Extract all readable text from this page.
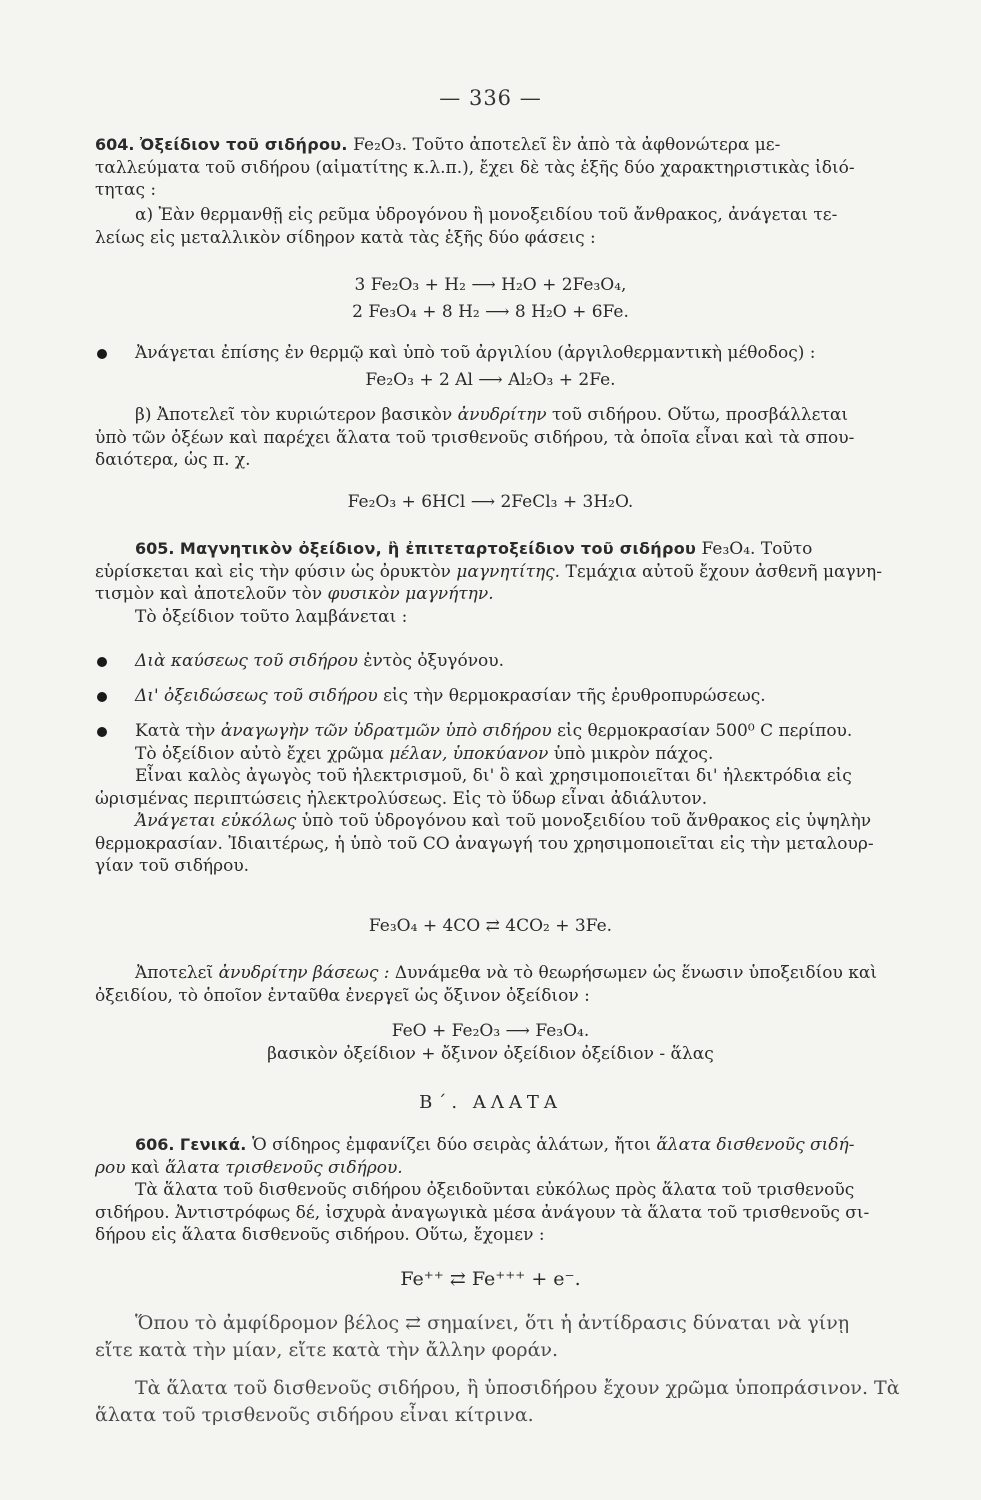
— 336 —

604. Ὀξείδιον τοῦ σιδήρου. Fe₂O₃. Τοῦτο ἀποτελεῖ ἓν ἀπὸ τὰ ἀφθονώτερα με-

ταλλεύματα τοῦ σιδήρου (αἱματίτης κ.λ.π.), ἔχει δὲ τὰς ἑξῆς δύο χαρακτηριστικὰς ἰδιό-

τητας :

α) Ἐὰν θερμανθῇ εἰς ρεῦμα ὑδρογόνου ἢ μονοξειδίου τοῦ ἄνθρακος, ἀνάγεται τε-

λείως εἰς μεταλλικὸν σίδηρον κατὰ τὰς ἑξῆς δύο φάσεις :

3 Fe₂O₃ + H₂ ⟶ H₂O + 2Fe₃O₄,
2 Fe₃O₄ + 8 H₂ ⟶ 8 H₂O + 6Fe.

Ἀνάγεται ἐπίσης ἐν θερμῷ καὶ ὑπὸ τοῦ ἀργιλίου (ἀργιλοθερμαντικὴ μέθοδος) :

Fe₂O₃ + 2 Al ⟶ Al₂O₃ + 2Fe.

β) Ἀποτελεῖ τὸν κυριώτερον βασικὸν ἀνυδρίτην τοῦ σιδήρου. Οὕτω, προσβάλλεται

ὑπὸ τῶν ὀξέων καὶ παρέχει ἅλατα τοῦ τρισθενοῦς σιδήρου, τὰ ὁποῖα εἶναι καὶ τὰ σπου-

δαιότερα, ὡς π. χ.

Fe₂O₃ + 6HCl ⟶ 2FeCl₃ + 3H₂O.

605. Μαγνητικὸν ὀξείδιον, ἢ ἐπιτεταρτοξείδιον τοῦ σιδήρου Fe₃O₄. Τοῦτο

εὑρίσκεται καὶ εἰς τὴν φύσιν ὡς ὀρυκτὸν μαγνητίτης. Τεμάχια αὐτοῦ ἔχουν ἀσθενῆ μαγνη-

τισμὸν καὶ ἀποτελοῦν τὸν φυσικὸν μαγνήτην.

Τὸ ὀξείδιον τοῦτο λαμβάνεται :

Διὰ καύσεως τοῦ σιδήρου ἐντὸς ὀξυγόνου.

Δι' ὀξειδώσεως τοῦ σιδήρου εἰς τὴν θερμοκρασίαν τῆς ἐρυθροπυρώσεως.

Κατὰ τὴν ἀναγωγὴν τῶν ὑδρατμῶν ὑπὸ σιδήρου εἰς θερμοκρασίαν 500⁰ C περίπου.

Τὸ ὀξείδιον αὐτὸ ἔχει χρῶμα μέλαν, ὑποκύανον ὑπὸ μικρὸν πάχος.

Εἶναι καλὸς ἀγωγὸς τοῦ ἠλεκτρισμοῦ, δι' ὃ καὶ χρησιμοποιεῖται δι' ἠλεκτρόδια εἰς

ὡρισμένας περιπτώσεις ἠλεκτρολύσεως. Εἰς τὸ ὕδωρ εἶναι ἀδιάλυτον.

Ἀνάγεται εὐκόλως ὑπὸ τοῦ ὑδρογόνου καὶ τοῦ μονοξειδίου τοῦ ἄνθρακος εἰς ὑψηλὴν

θερμοκρασίαν. Ἰδιαιτέρως, ἡ ὑπὸ τοῦ CO ἀναγωγή του χρησιμοποιεῖται εἰς τὴν μεταλουρ-

γίαν τοῦ σιδήρου.

Fe₃O₄ + 4CO ⇄ 4CO₂ + 3Fe.

Ἀποτελεῖ ἀνυδρίτην βάσεως : Δυνάμεθα νὰ τὸ θεωρήσωμεν ὡς ἕνωσιν ὑποξειδίου καὶ

ὀξειδίου, τὸ ὁποῖον ἐνταῦθα ἐνεργεῖ ὡς ὄξινον ὀξείδιον :

FeO + Fe₂O₃ ⟶ Fe₃O₄.
βασικὸν ὀξείδιον + ὄξινον ὀξείδιον ὀξείδιον - ἅλας
Β΄. ΑΛΑΤΑ

606. Γενικά. Ὁ σίδηρος ἐμφανίζει δύο σειρὰς ἁλάτων, ἤτοι ἅλατα δισθενοῦς σιδή-

ρου καὶ ἅλατα τρισθενοῦς σιδήρου.

Τὰ ἅλατα τοῦ δισθενοῦς σιδήρου ὀξειδοῦνται εὐκόλως πρὸς ἅλατα τοῦ τρισθενοῦς

σιδήρου. Ἀντιστρόφως δέ, ἰσχυρὰ ἀναγωγικὰ μέσα ἀνάγουν τὰ ἅλατα τοῦ τρισθενοῦς σι-

δήρου εἰς ἅλατα δισθενοῦς σιδήρου. Οὕτω, ἔχομεν :

Fe⁺⁺ ⇄ Fe⁺⁺⁺ + e⁻.

Ὅπου τὸ ἀμφίδρομον βέλος ⇄ σημαίνει, ὅτι ἡ ἀντίδρασις δύναται νὰ γίνῃ

εἴτε κατὰ τὴν μίαν, εἴτε κατὰ τὴν ἄλλην φοράν.

Τὰ ἅλατα τοῦ δισθενοῦς σιδήρου, ἢ ὑποσιδήρου ἔχουν χρῶμα ὑποπράσινον. Τὰ

ἅλατα τοῦ τρισθενοῦς σιδήρου εἶναι κίτρινα.
